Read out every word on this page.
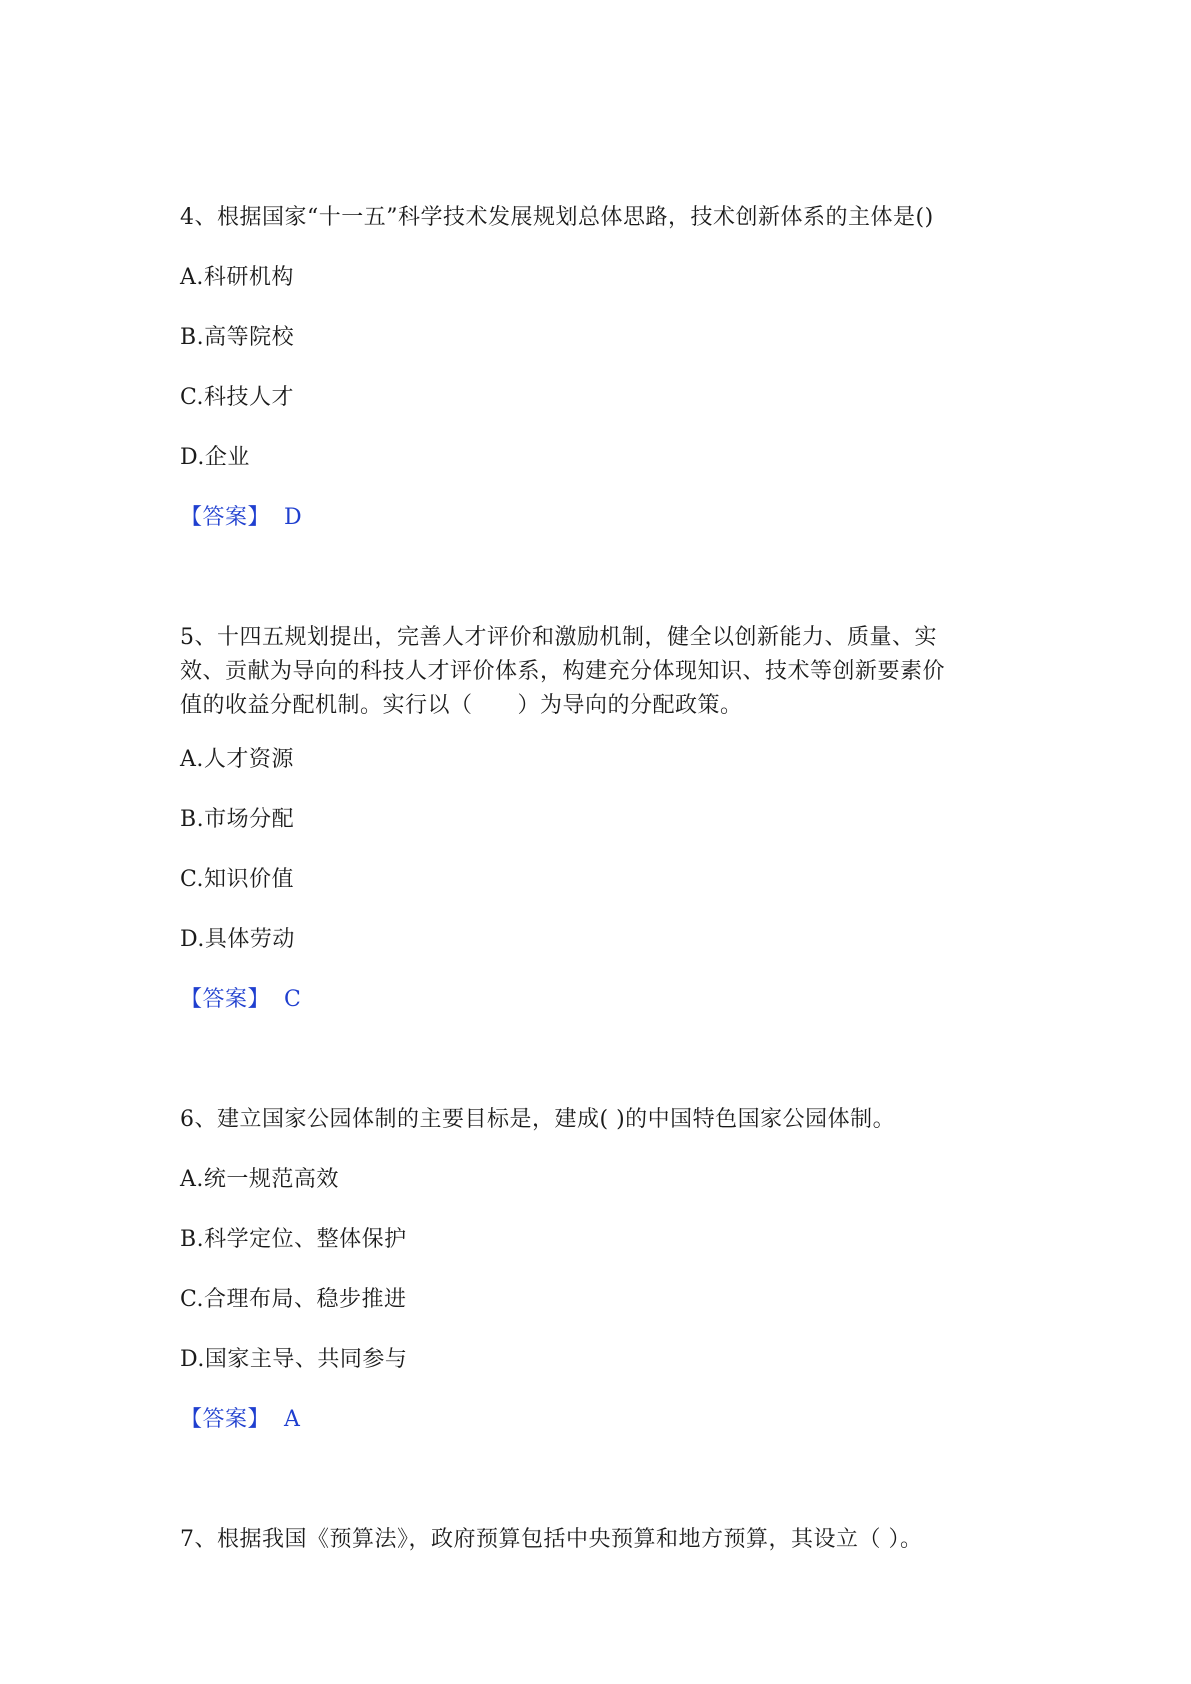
4、根据国家“十一五”科学技术发展规划总体思路，技术创新体系的主体是()
A.科研机构
B.高等院校
C.科技人才
D.企业
【答案】 D
5、十四五规划提出，完善人才评价和激励机制，健全以创新能力、质量、实
效、贡献为导向的科技人才评价体系，构建充分体现知识、技术等创新要素价
值的收益分配机制。实行以（　　）为导向的分配政策。
A.人才资源
B.市场分配
C.知识价值
D.具体劳动
【答案】 C
6、建立国家公园体制的主要目标是，建成( )的中国特色国家公园体制。
A.统一规范高效
B.科学定位、整体保护
C.合理布局、稳步推进
D.国家主导、共同参与
【答案】 A
7、根据我国《预算法》，政府预算包括中央预算和地方预算，其设立（ ）。
